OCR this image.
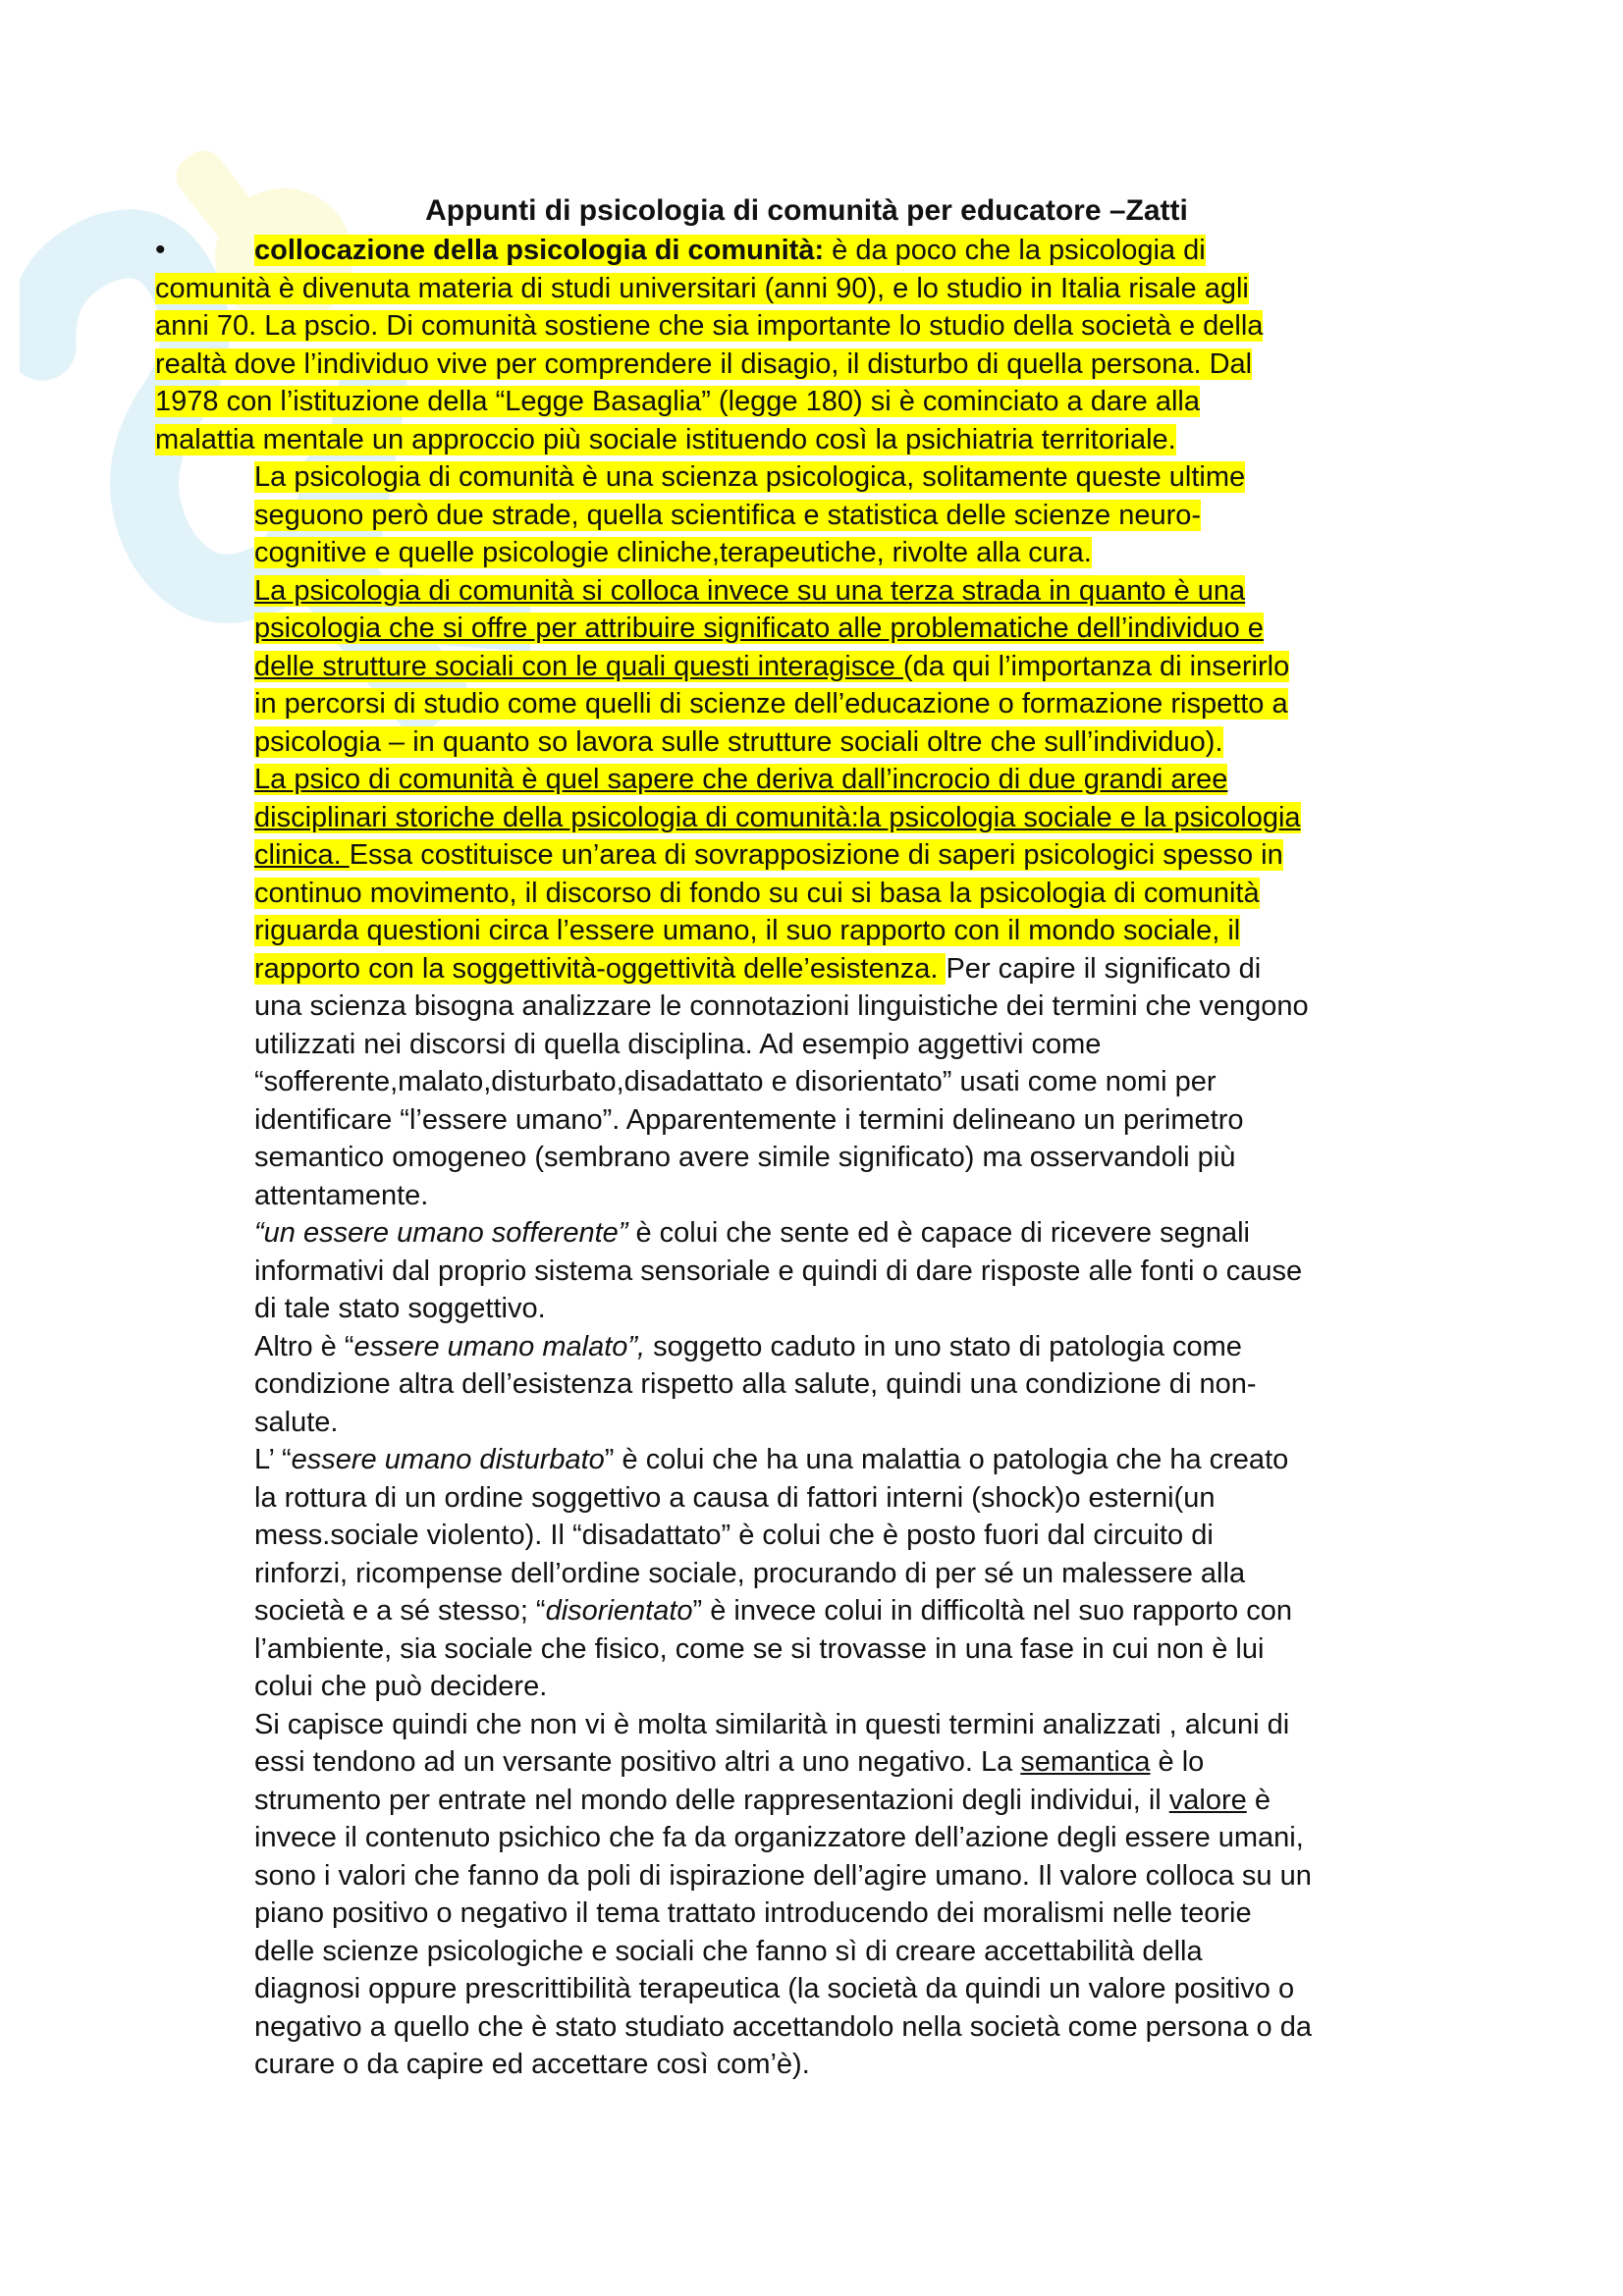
Appunti di psicologia di comunità per educatore –Zatti
•	collocazione della psicologia di comunità: è da poco che la psicologia di
comunità è divenuta materia di studi universitari (anni 90), e lo studio in Italia risale agli
anni 70. La pscio. Di comunità sostiene che sia importante lo studio della società e della
realtà dove l’individuo vive per comprendere il disagio, il disturbo di quella persona. Dal
1978 con l’istituzione della “Legge Basaglia” (legge 180) si è cominciato a dare alla
malattia mentale un approccio più sociale istituendo così la psichiatria territoriale.
La psicologia di comunità è una scienza psicologica, solitamente queste ultime
seguono però due strade, quella scientifica e statistica delle scienze neuro-
cognitive e quelle psicologie cliniche,terapeutiche, rivolte alla cura.
La psicologia di comunità si colloca invece su una terza strada in quanto è una
psicologia che si offre per attribuire significato alle problematiche dell’individuo e
delle strutture sociali con le quali questi interagisce (da qui l’importanza di inserirlo
in percorsi di studio come quelli di scienze dell’educazione o formazione rispetto a
psicologia – in quanto so lavora sulle strutture sociali oltre che sull’individuo).
La psico di comunità è quel sapere che deriva dall’incrocio di due grandi aree
disciplinari storiche della psicologia di comunità:la psicologia sociale e la psicologia
clinica. Essa costituisce un’area di sovrapposizione di saperi psicologici spesso in
continuo movimento, il discorso di fondo su cui si basa la psicologia di comunità
riguarda questioni circa l’essere umano, il suo rapporto con il mondo sociale, il
rapporto con la soggettività-oggettività delle’esistenza. Per capire il significato di
una scienza bisogna analizzare le connotazioni linguistiche dei termini che vengono
utilizzati nei discorsi di quella disciplina. Ad esempio aggettivi come
“sofferente,malato,disturbato,disadattato e disorientato” usati come nomi per
identificare “l’essere umano”. Apparentemente i termini delineano un perimetro
semantico omogeneo (sembrano avere simile significato) ma osservandoli più
attentamente.
“un essere umano sofferente” è colui che sente ed è capace di ricevere segnali
informativi dal proprio sistema sensoriale e quindi di dare risposte alle fonti o cause
di tale stato soggettivo.
Altro è “essere umano malato”, soggetto caduto in uno stato di patologia come
condizione altra dell’esistenza rispetto alla salute, quindi una condizione di non-
salute.
L’ “essere umano disturbato” è colui che ha una malattia o patologia che ha creato
la rottura di un ordine soggettivo a causa di fattori interni (shock)o esterni(un
mess.sociale violento). Il “disadattato” è colui che è posto fuori dal circuito di
rinforzi, ricompense dell’ordine sociale, procurando di per sé un malessere alla
società e a sé stesso; “disorientato” è invece colui in difficoltà nel suo rapporto con
l’ambiente, sia sociale che fisico, come se si trovasse in una fase in cui non è lui
colui che può decidere.
Si capisce quindi che non vi è molta similarità in questi termini analizzati , alcuni di
essi tendono ad un versante positivo altri a uno negativo. La semantica è lo
strumento per entrate nel mondo delle rappresentazioni degli individui, il valore è
invece il contenuto psichico che fa da organizzatore dell’azione degli essere umani,
sono i valori che fanno da poli di ispirazione dell’agire umano. Il valore colloca su un
piano positivo o negativo il tema trattato introducendo dei moralismi nelle teorie
delle scienze psicologiche e sociali che fanno sì di creare accettabilità della
diagnosi oppure prescrittibilità terapeutica (la società da quindi un valore positivo o
negativo a quello che è stato studiato accettandolo nella società come persona o da
curare o da capire ed accettare così com’è).
